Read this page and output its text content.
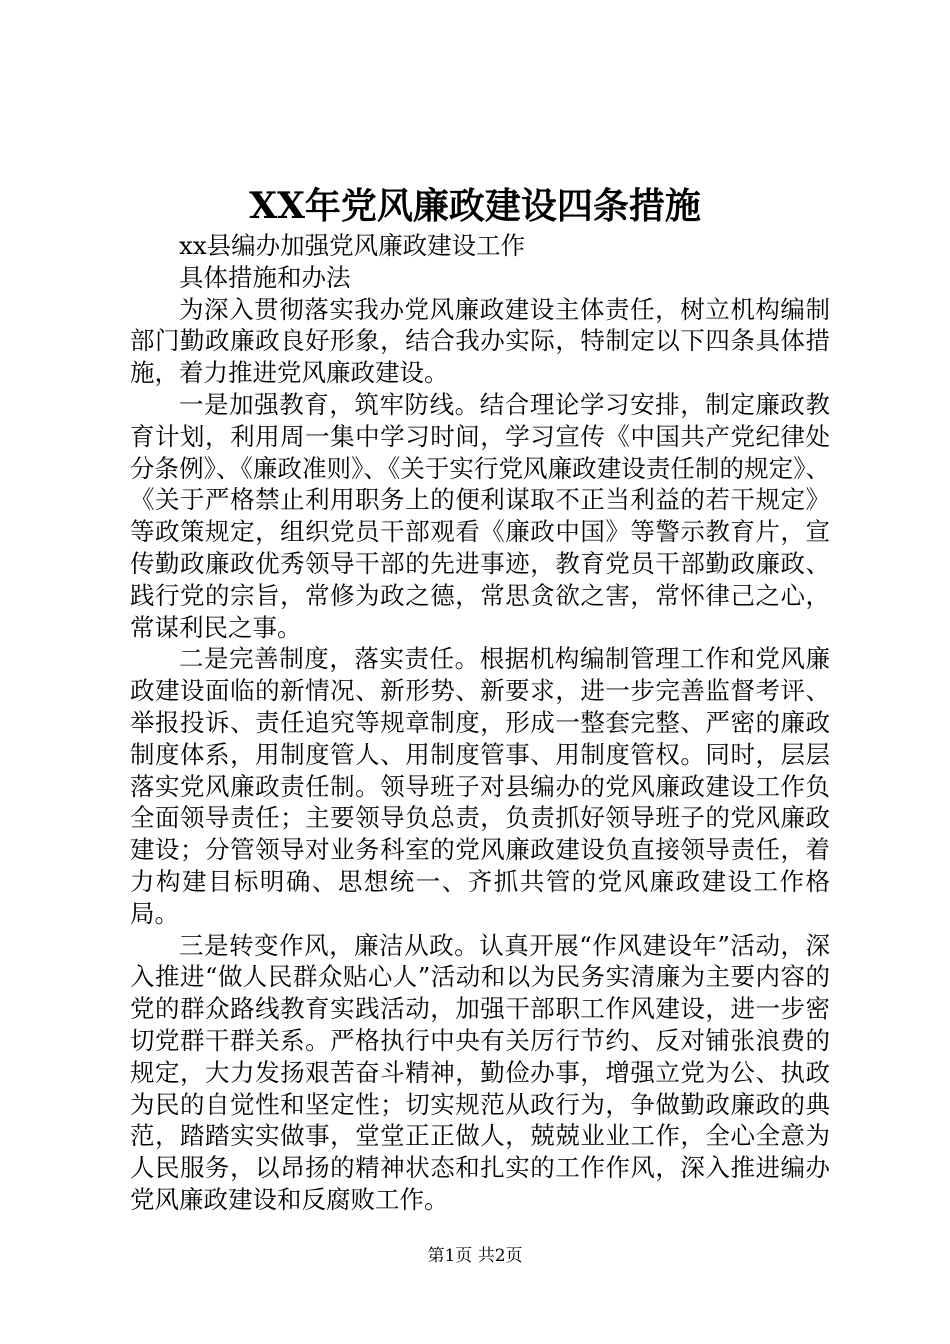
XX年党风廉政建设四条措施

xx县编办加强党风廉政建设工作

具体措施和办法

为深入贯彻落实我办党风廉政建设主体责任，树立机构编制部门勤政廉政良好形象，结合我办实际，特制定以下四条具体措施，着力推进党风廉政建设。

一是加强教育，筑牢防线。结合理论学习安排，制定廉政教育计划，利用周一集中学习时间，学习宣传《中国共产党纪律处分条例》、《廉政准则》、《关于实行党风廉政建设责任制的规定》、《关于严格禁止利用职务上的便利谋取不正当利益的若干规定》等政策规定，组织党员干部观看《廉政中国》等警示教育片，宣传勤政廉政优秀领导干部的先进事迹，教育党员干部勤政廉政、践行党的宗旨，常修为政之德，常思贪欲之害，常怀律己之心，常谋利民之事。

二是完善制度，落实责任。根据机构编制管理工作和党风廉政建设面临的新情况、新形势、新要求，进一步完善监督考评、举报投诉、责任追究等规章制度，形成一整套完整、严密的廉政制度体系，用制度管人、用制度管事、用制度管权。同时，层层落实党风廉政责任制。领导班子对县编办的党风廉政建设工作负全面领导责任；主要领导负总责，负责抓好领导班子的党风廉政建设；分管领导对业务科室的党风廉政建设负直接领导责任，着力构建目标明确、思想统一、齐抓共管的党风廉政建设工作格局。

三是转变作风，廉洁从政。认真开展“作风建设年”活动，深入推进“做人民群众贴心人”活动和以为民务实清廉为主要内容的党的群众路线教育实践活动，加强干部职工作风建设，进一步密切党群干群关系。严格执行中央有关厉行节约、反对铺张浪费的规定，大力发扬艰苦奋斗精神，勤俭办事，增强立党为公、执政为民的自觉性和坚定性；切实规范从政行为，争做勤政廉政的典范，踏踏实实做事，堂堂正正做人，兢兢业业工作，全心全意为人民服务，以昂扬的精神状态和扎实的工作作风，深入推进编办党风廉政建设和反腐败工作。

第1页 共2页
